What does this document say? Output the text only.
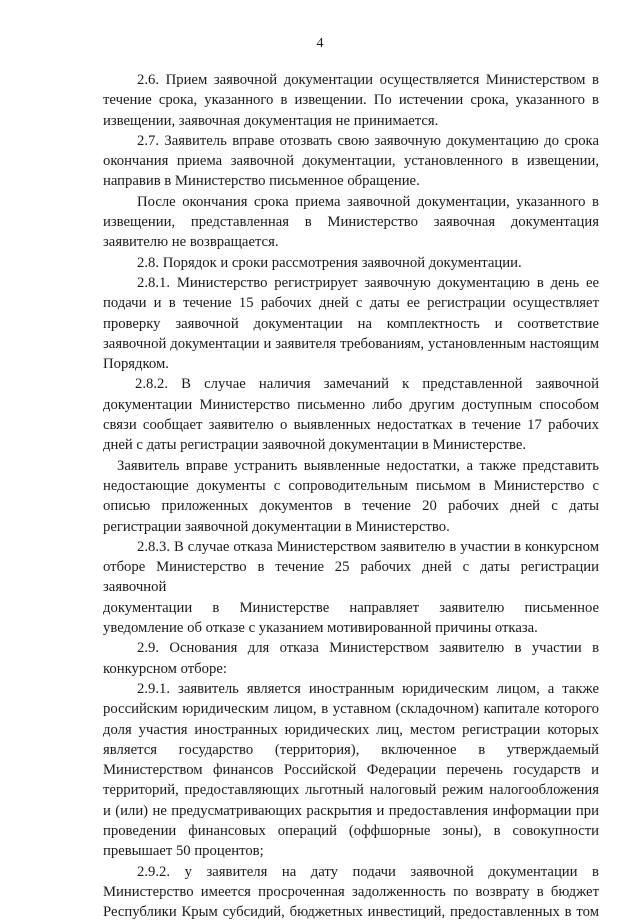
4
2.6. Прием заявочной документации осуществляется Министерством в
течение срока, указанного в извещении. По истечении срока, указанного в
извещении, заявочная документация не принимается.
2.7. Заявитель вправе отозвать свою заявочную документацию до срока
окончания приема заявочной документации, установленного в извещении,
направив в Министерство письменное обращение.
После окончания срока приема заявочной документации, указанного в
извещении, представленная в Министерство заявочная документация
заявителю не возвращается.
2.8. Порядок и сроки рассмотрения заявочной документации.
2.8.1. Министерство регистрирует заявочную документацию в день ее
подачи и в течение 15 рабочих дней с даты ее регистрации осуществляет
проверку заявочной документации на комплектность и соответствие
заявочной документации и заявителя требованиям, установленным настоящим
Порядком.
2.8.2. В случае наличия замечаний к представленной заявочной
документации Министерство письменно либо другим доступным способом
связи сообщает заявителю о выявленных недостатках в течение 17 рабочих
дней с даты регистрации заявочной документации в Министерстве.
Заявитель вправе устранить выявленные недостатки, а также представить
недостающие документы с сопроводительным письмом в Министерство с
описью приложенных документов в течение 20 рабочих дней с даты
регистрации заявочной документации в Министерство.
2.8.3. В случае отказа Министерством заявителю в участии в конкурсном
отборе Министерство в течение 25 рабочих дней с даты регистрации заявочной
документации в Министерстве направляет заявителю письменное
уведомление об отказе с указанием мотивированной причины отказа.
2.9. Основания для отказа Министерством заявителю в участии в
конкурсном отборе:
2.9.1. заявитель является иностранным юридическим лицом, а также
российским юридическим лицом, в уставном (складочном) капитале которого
доля участия иностранных юридических лиц, местом регистрации которых
является государство (территория), включенное в утверждаемый
Министерством финансов Российской Федерации перечень государств и
территорий, предоставляющих льготный налоговый режим налогообложения
и (или) не предусматривающих раскрытия и предоставления информации при
проведении финансовых операций (оффшорные зоны), в совокупности
превышает 50 процентов;
2.9.2. у заявителя на дату подачи заявочной документации в
Министерство имеется просроченная задолженность по возврату в бюджет
Республики Крым субсидий, бюджетных инвестиций, предоставленных в том
